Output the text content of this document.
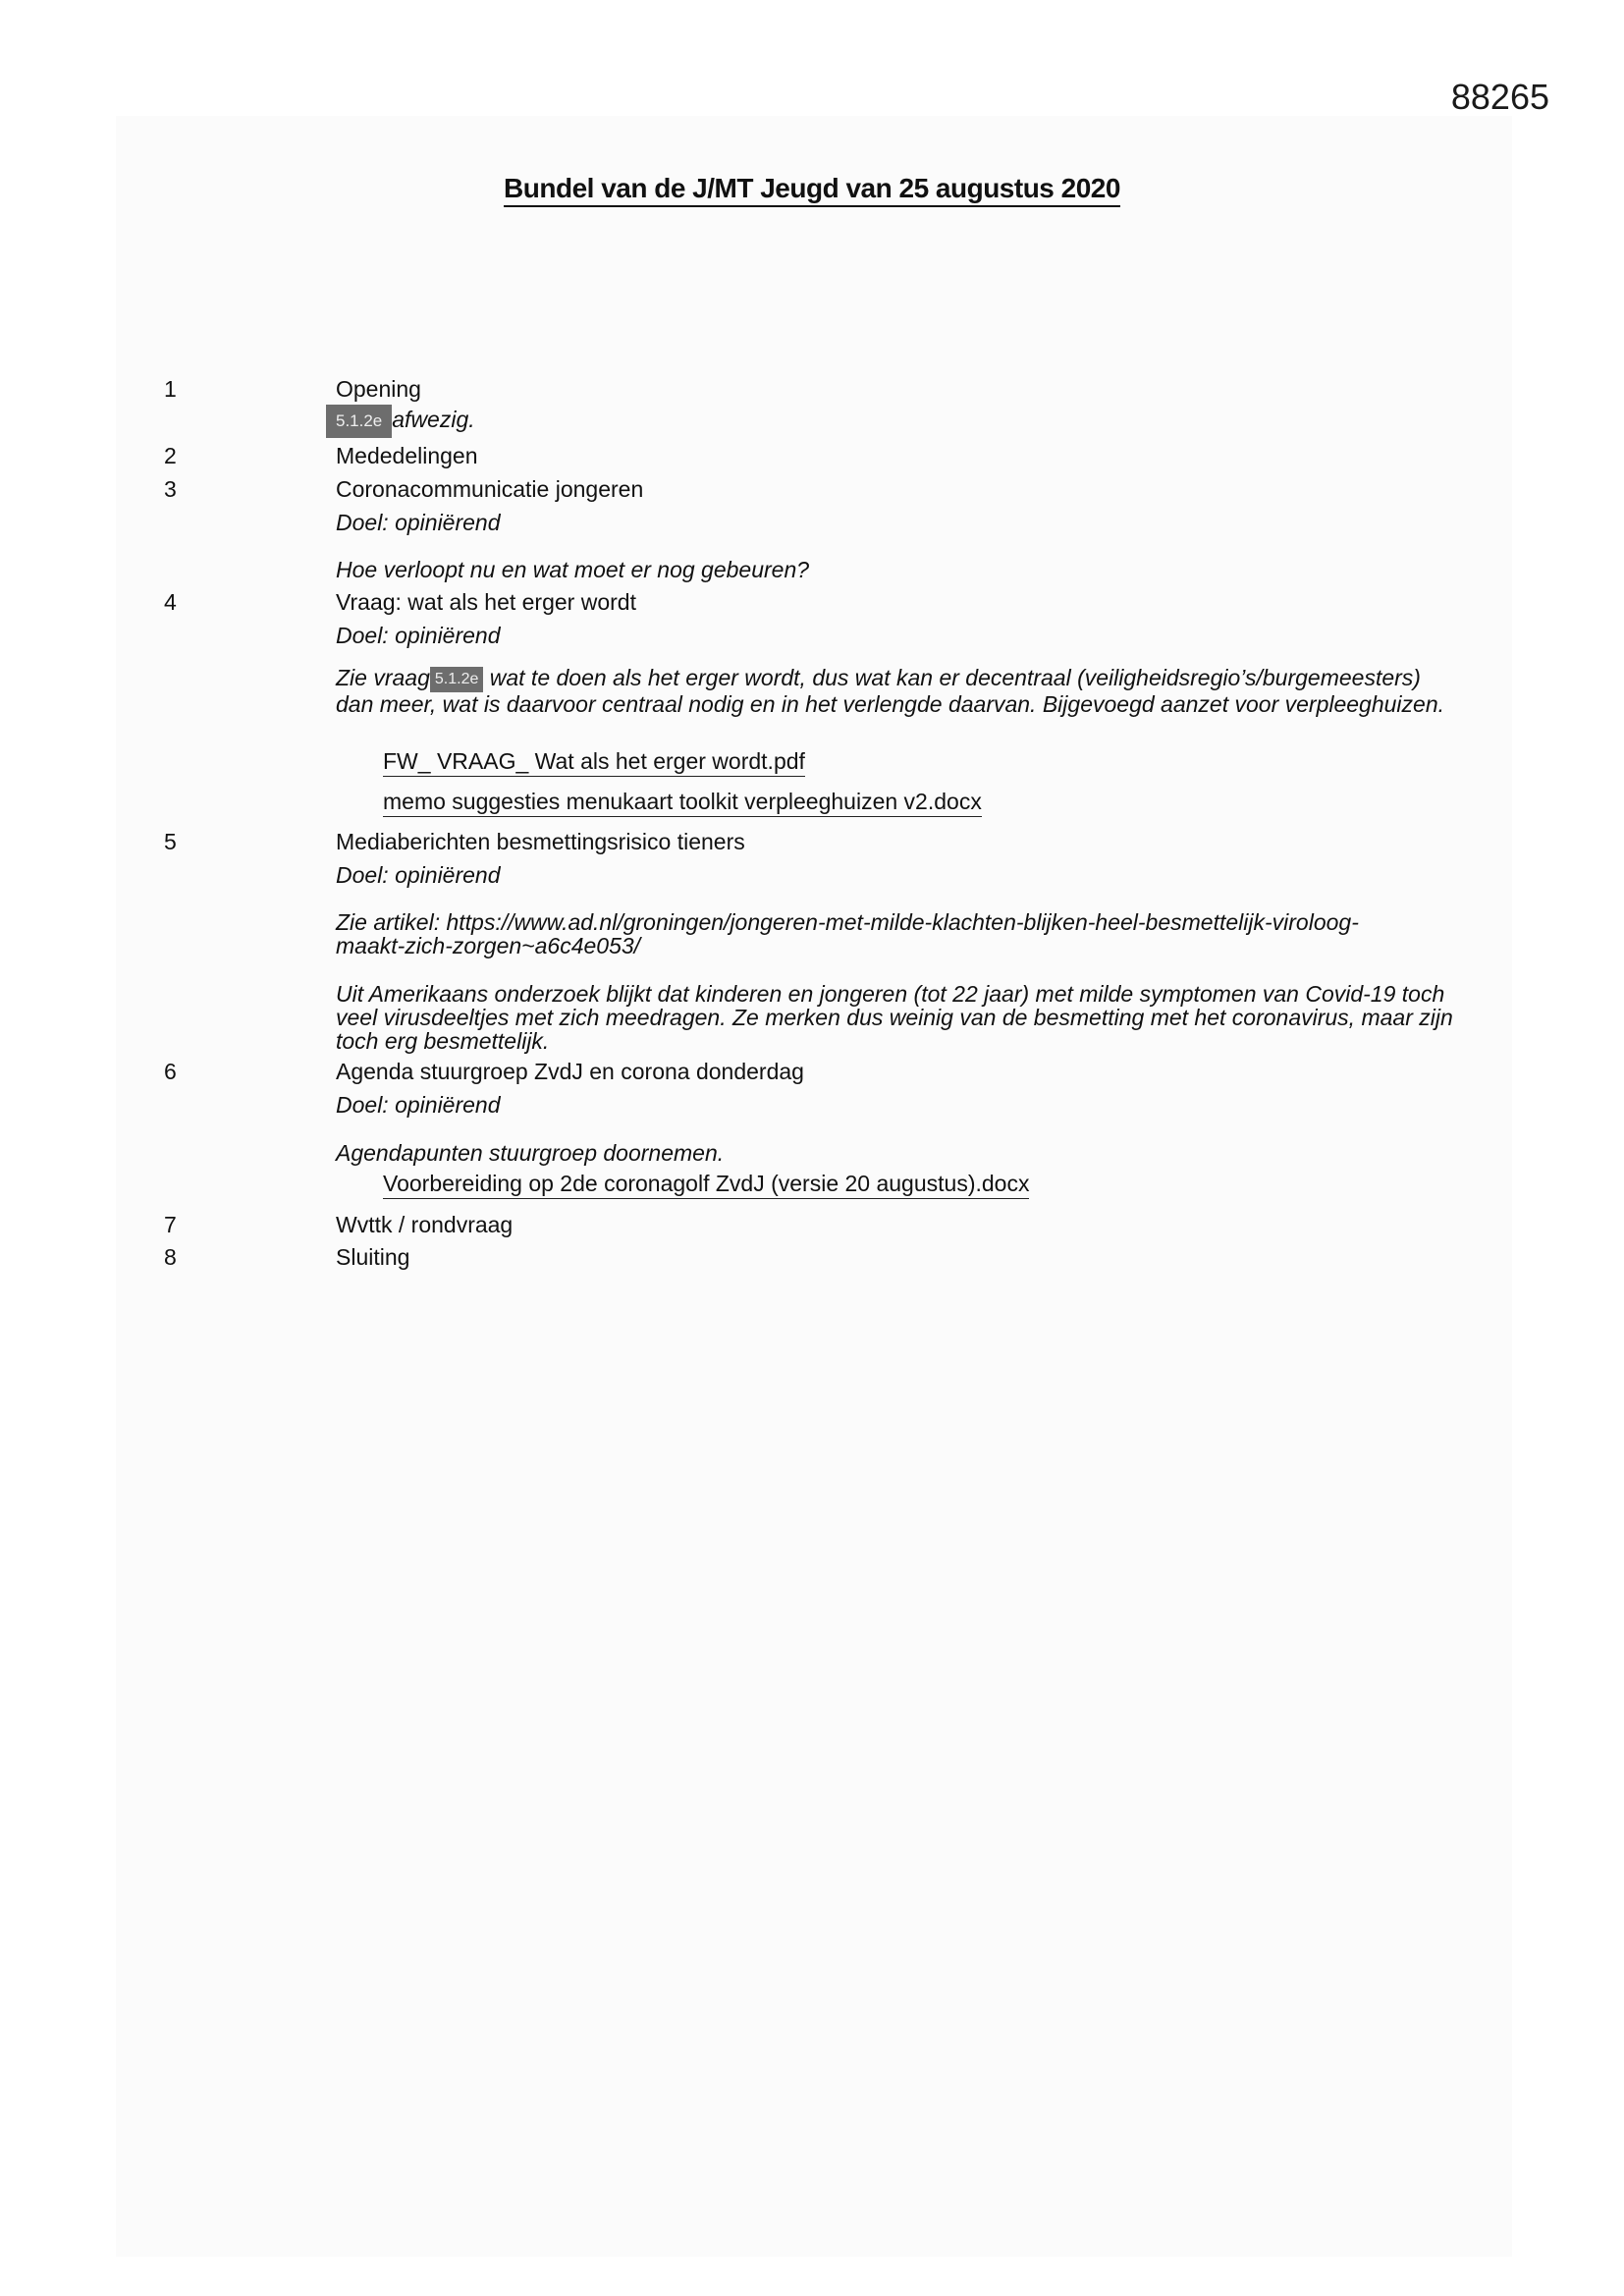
88265
Bundel van de J/MT Jeugd van 25 augustus 2020
1	Opening
5.1.2e afwezig.
2	Mededelingen
3	Coronacommunicatie jongeren
Doel: opiniërend
Hoe verloopt nu en wat moet er nog gebeuren?
4	Vraag: wat als het erger wordt
Doel: opiniërend
Zie vraag 5.1.2e wat te doen als het erger wordt, dus wat kan er decentraal (veiligheidsregio’s/burgemeesters) dan meer, wat is daarvoor centraal nodig en in het verlengde daarvan. Bijgevoegd aanzet voor verpleeghuizen.
FW_ VRAAG_ Wat als het erger wordt.pdf
memo suggesties menukaart toolkit verpleeghuizen v2.docx
5	Mediaberichten besmettingsrisico tieners
Doel: opiniërend
Zie artikel: https://www.ad.nl/groningen/jongeren-met-milde-klachten-blijken-heel-besmettelijk-viroloog-maakt-zich-zorgen~a6c4e053/
Uit Amerikaans onderzoek blijkt dat kinderen en jongeren (tot 22 jaar) met milde symptomen van Covid-19 toch veel virusdeeltjes met zich meedragen. Ze merken dus weinig van de besmetting met het coronavirus, maar zijn toch erg besmettelijk.
6	Agenda stuurgroep ZvdJ en corona donderdag
Doel: opiniërend
Agendapunten stuurgroep doornemen.
Voorbereiding op 2de coronagolf ZvdJ (versie 20 augustus).docx
7	Wvttk / rondvraag
8	Sluiting
